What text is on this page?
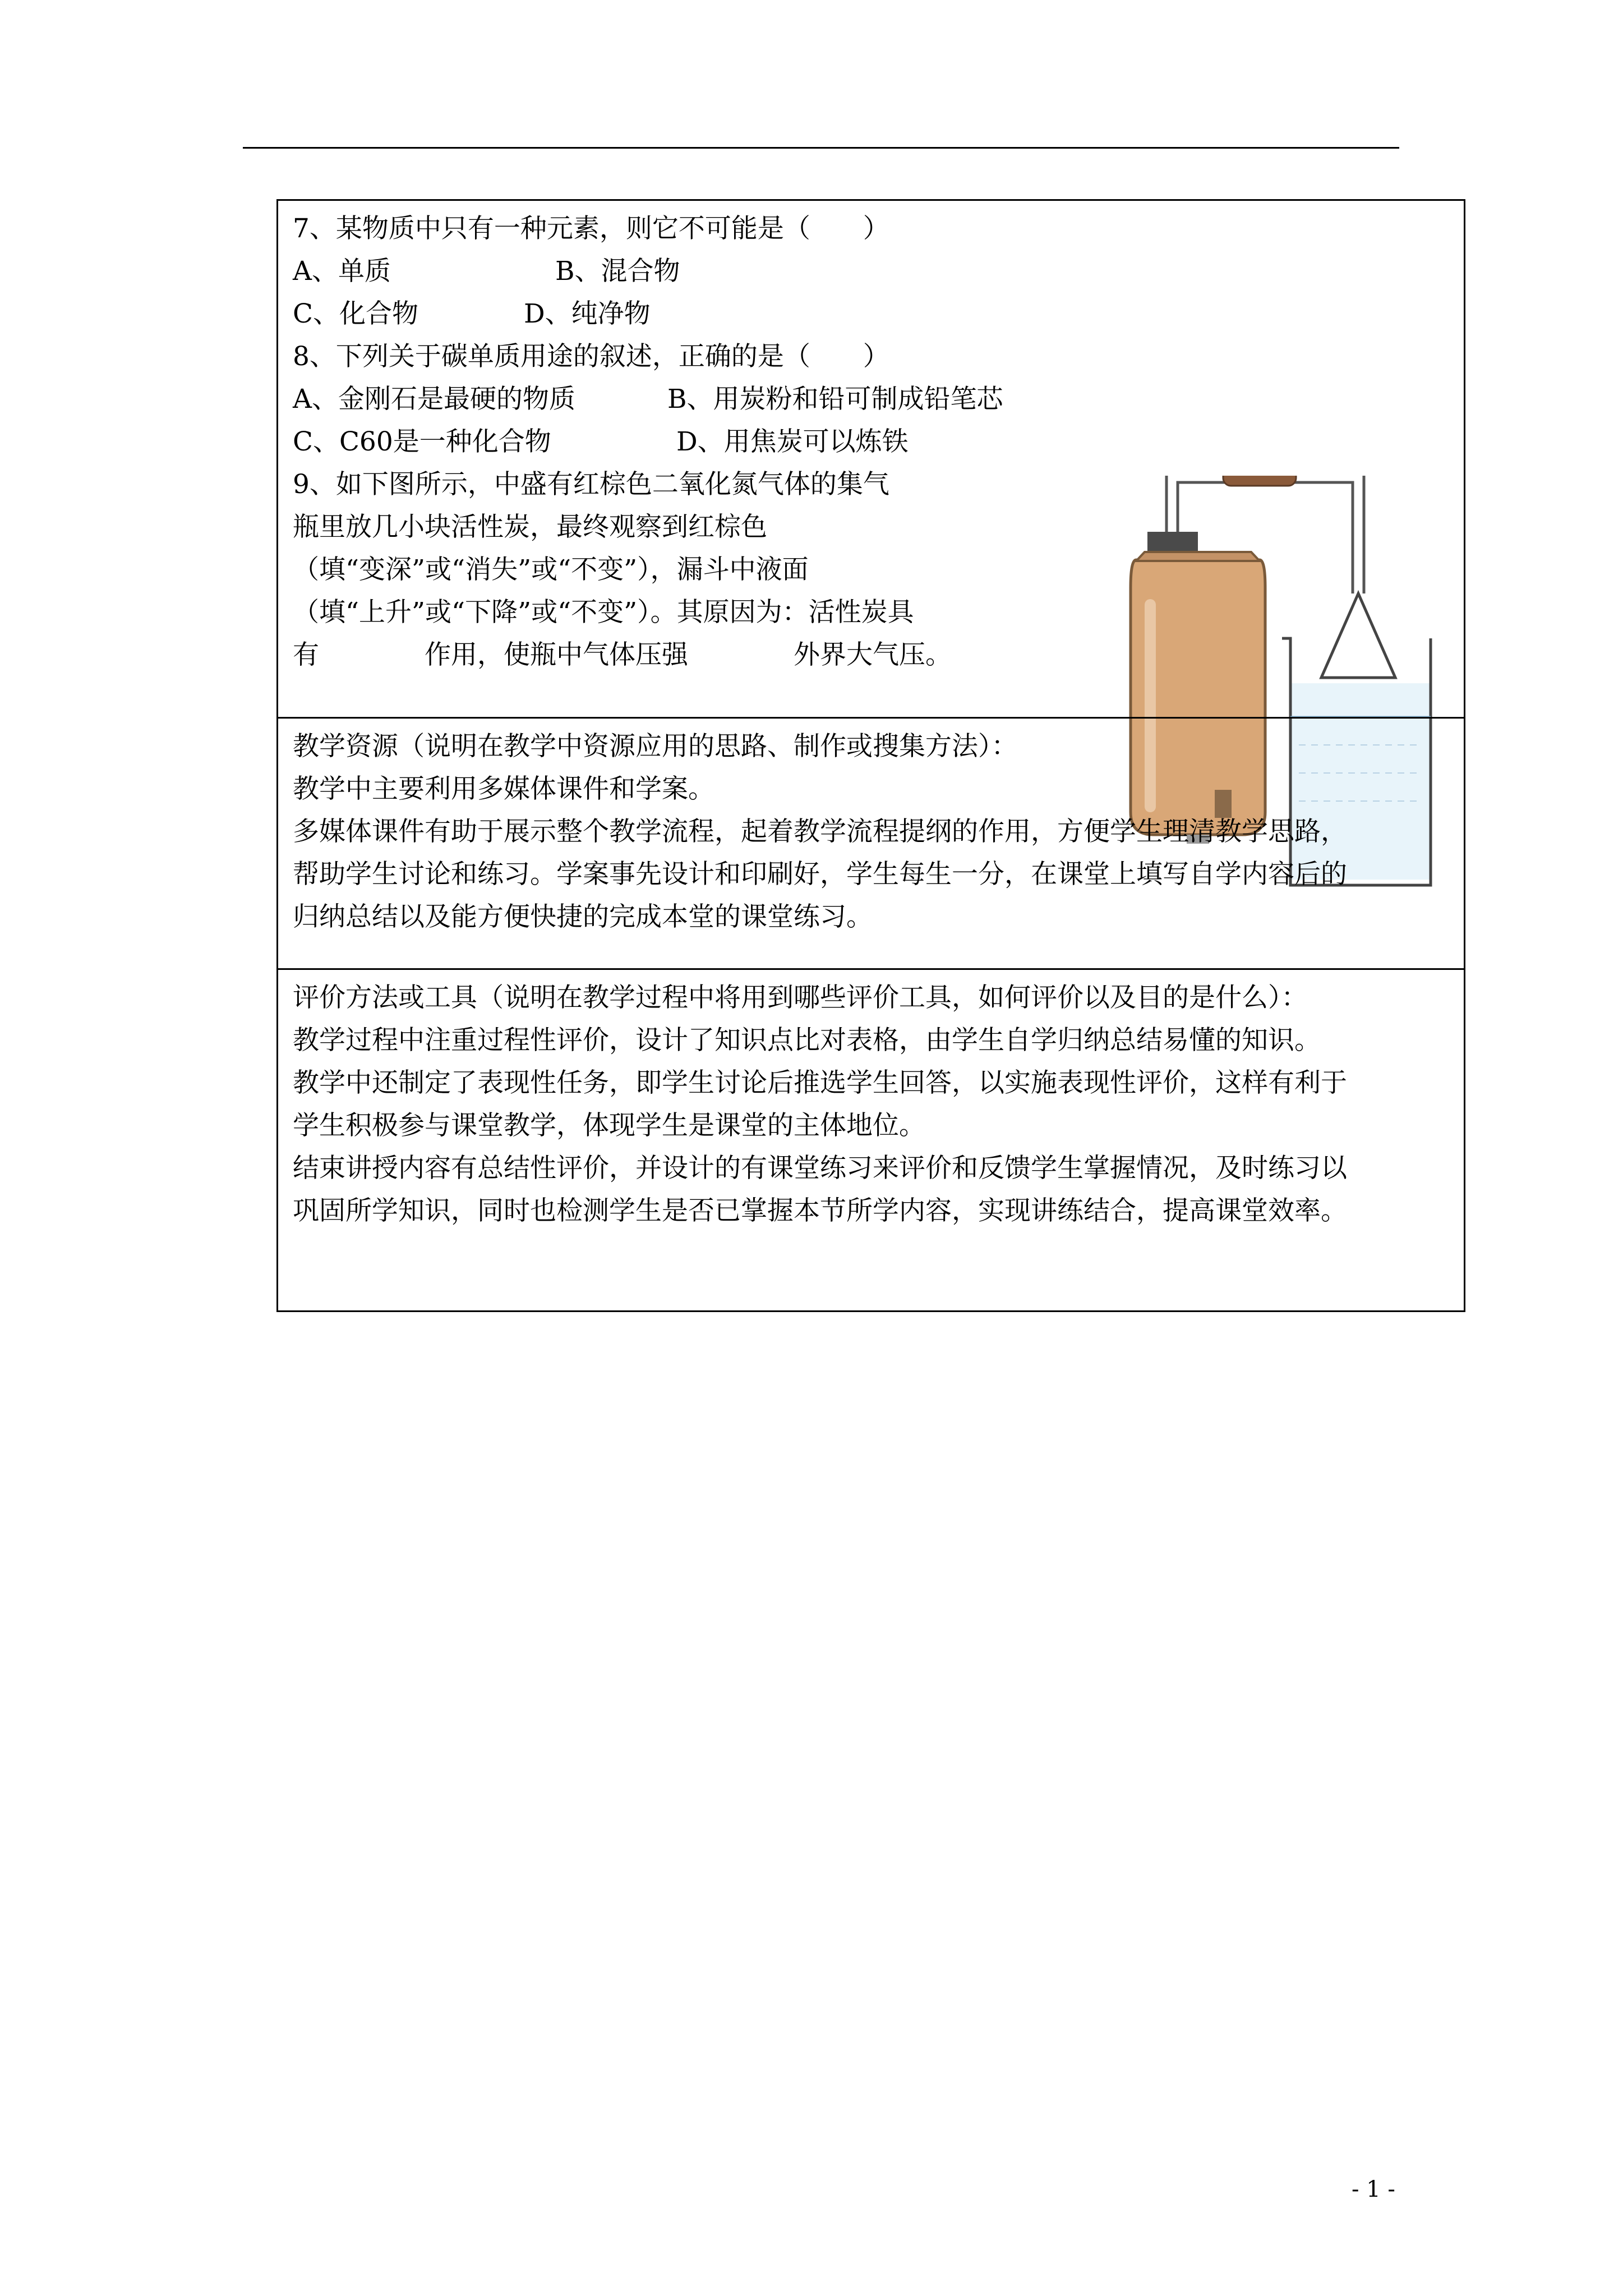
7、某物质中只有一种元素，则它不可能是（　　）
A、单质	B、混合物
C、化合物	D、纯净物
8、下列关于碳单质用途的叙述，正确的是（　　）
A、金刚石是最硬的物质	B、用炭粉和铅可制成铅笔芯
C、C60是一种化合物	D、用焦炭可以炼铁
9、如下图所示，中盛有红棕色二氧化氮气体的集气
瓶里放几小块活性炭，最终观察到红棕色
（填“变深”或“消失”或“不变”），漏斗中液面
（填“上升”或“下降”或“不变”）。其原因为：活性炭具
有　　　　作用，使瓶中气体压强　　　　外界大气压。
教学资源（说明在教学中资源应用的思路、制作或搜集方法）：
教学中主要利用多媒体课件和学案。
多媒体课件有助于展示整个教学流程，起着教学流程提纲的作用，方便学生理清教学思路，
帮助学生讨论和练习。学案事先设计和印刷好，学生每生一分，在课堂上填写自学内容后的
归纳总结以及能方便快捷的完成本堂的课堂练习。
评价方法或工具（说明在教学过程中将用到哪些评价工具，如何评价以及目的是什么）：
教学过程中注重过程性评价，设计了知识点比对表格，由学生自学归纳总结易懂的知识。
教学中还制定了表现性任务，即学生讨论后推选学生回答，以实施表现性评价，这样有利于
学生积极参与课堂教学，体现学生是课堂的主体地位。
结束讲授内容有总结性评价，并设计的有课堂练习来评价和反馈学生掌握情况，及时练习以
巩固所学知识，同时也检测学生是否已掌握本节所学内容，实现讲练结合，提高课堂效率。
- 1 -
